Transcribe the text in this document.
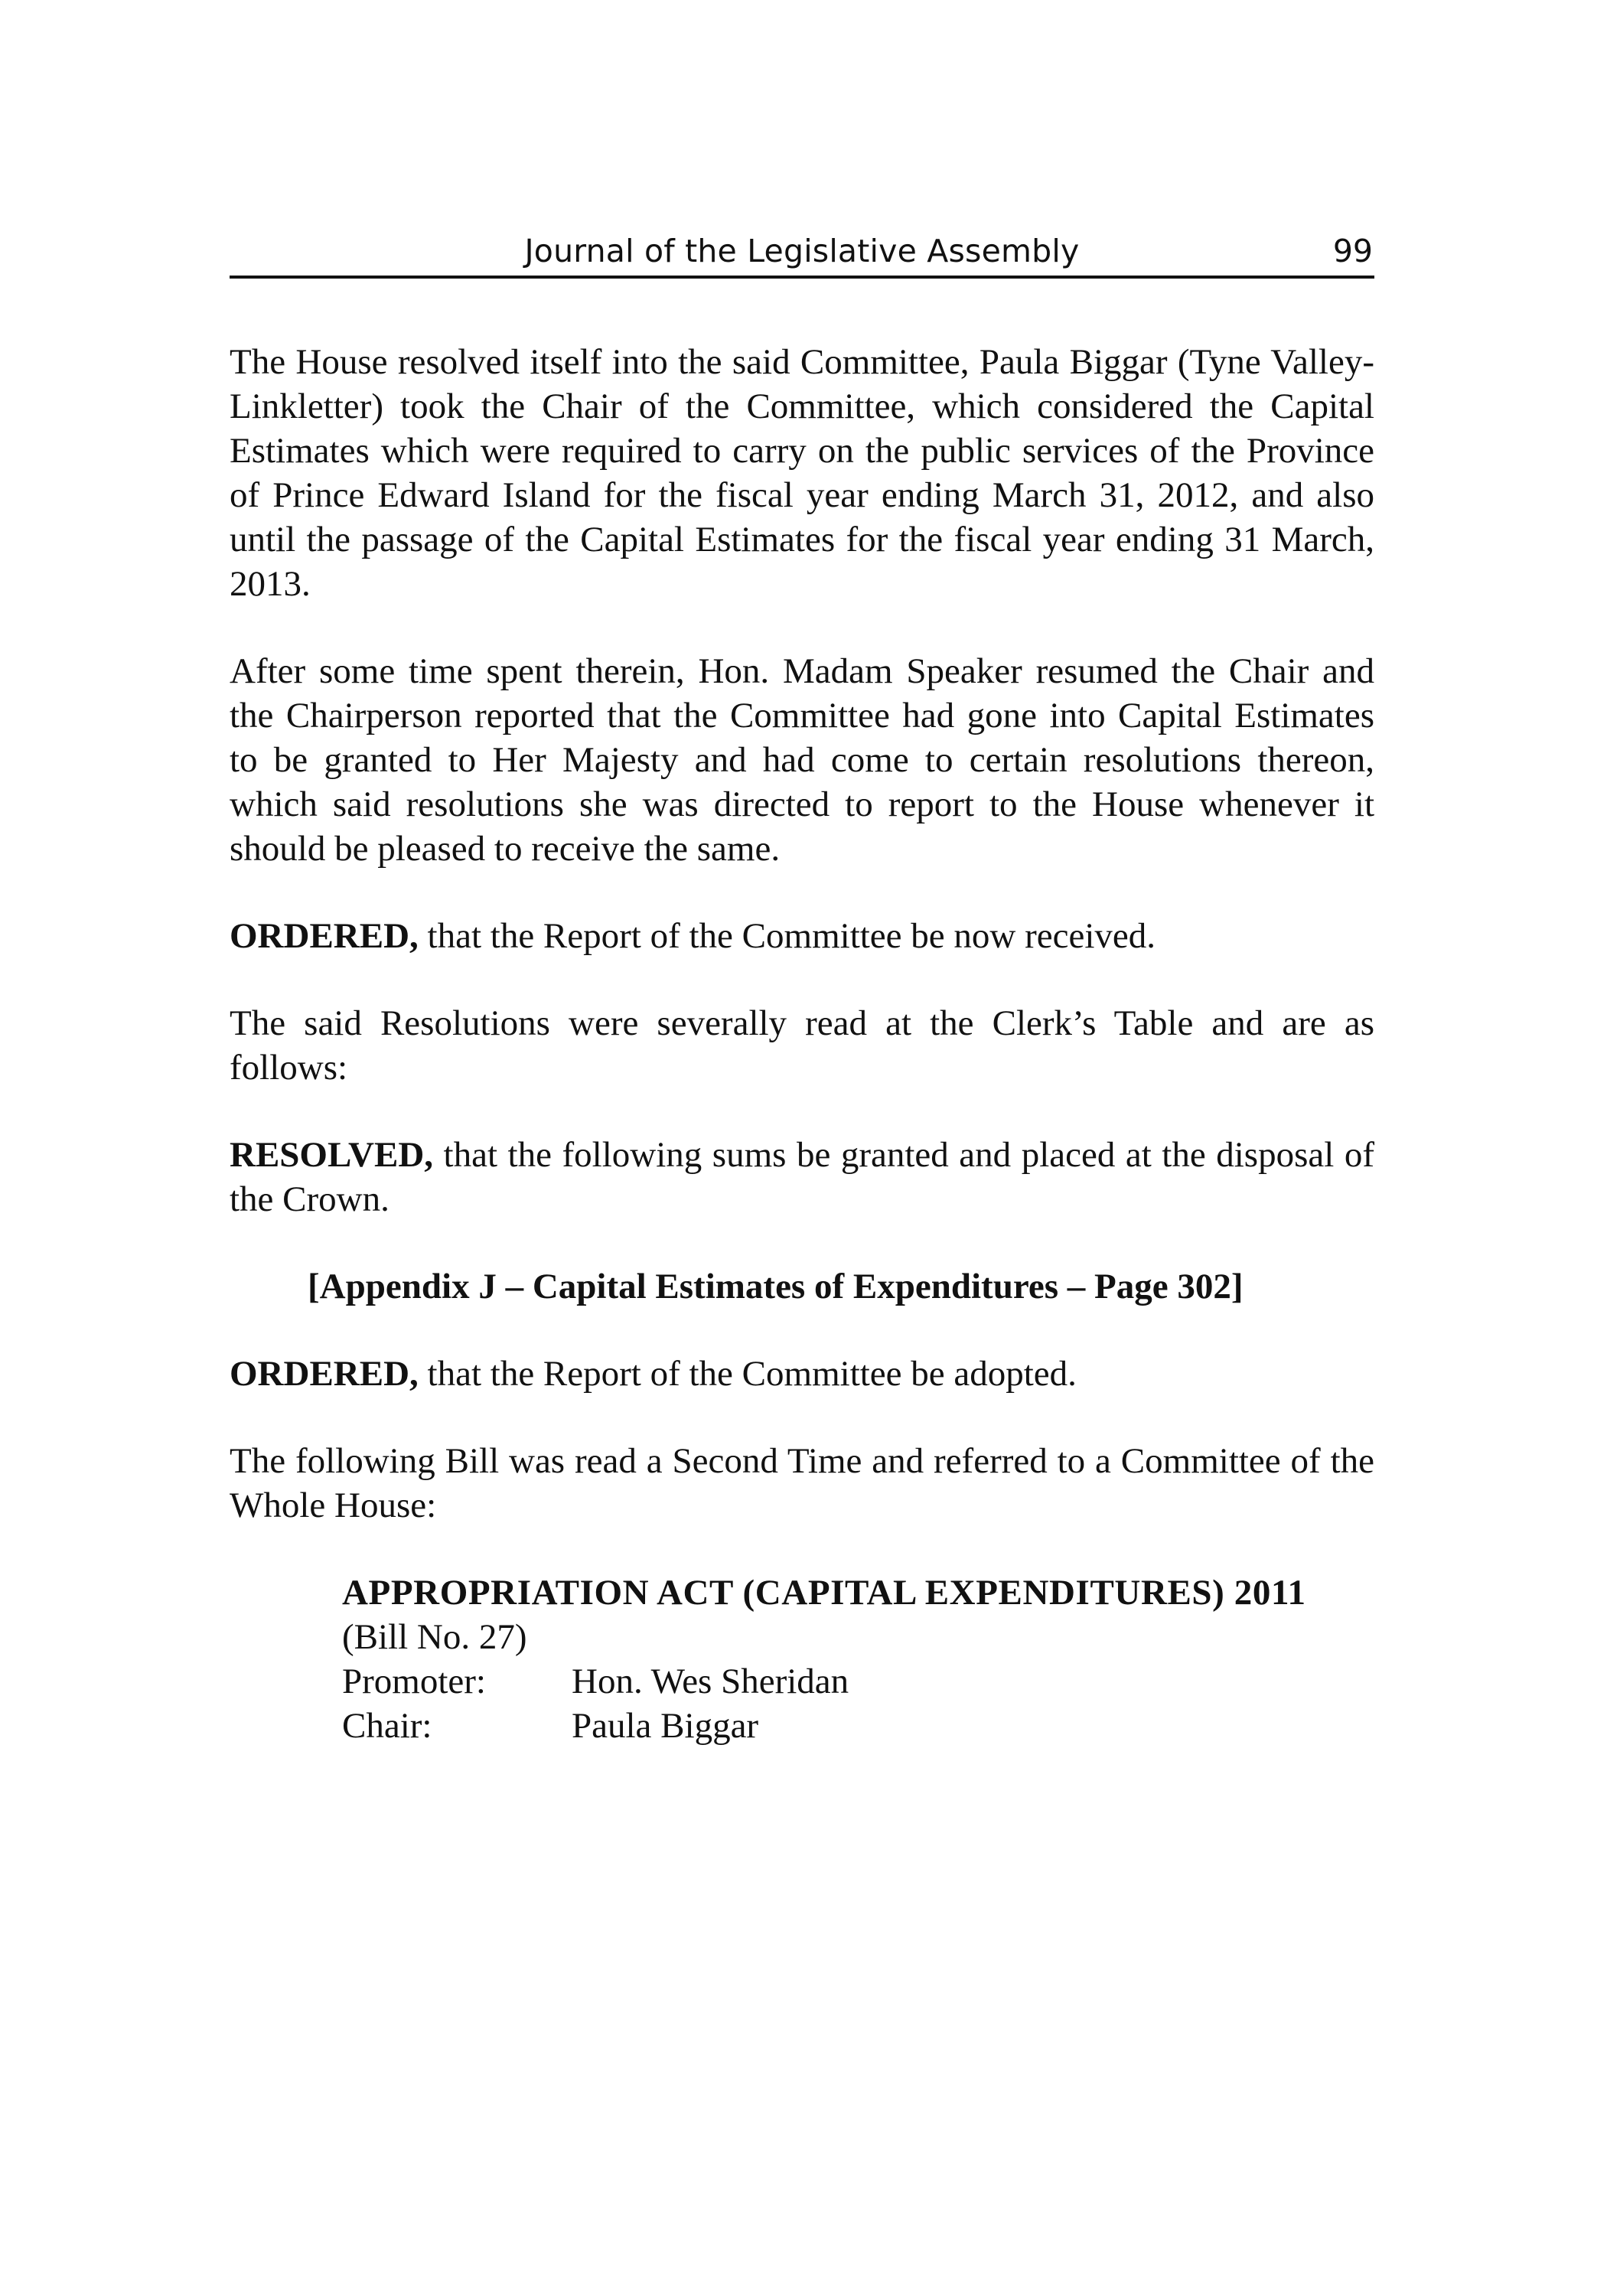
Journal of the Legislative Assembly	99

The House resolved itself into the said Committee, Paula Biggar (Tyne Valley-Linkletter) took the Chair of the Committee, which considered the Capital Estimates which were required to carry on the public services of the Province of Prince Edward Island for the fiscal year ending March 31, 2012, and also until the passage of the Capital Estimates for the fiscal year ending 31 March, 2013.

After some time spent therein, Hon. Madam Speaker resumed the Chair and the Chairperson reported that the Committee had gone into Capital Estimates to be granted to Her Majesty and had come to certain resolutions thereon, which said resolutions she was directed to report to the House whenever it should be pleased to receive the same.

ORDERED, that the Report of the Committee be now received.

The said Resolutions were severally read at the Clerk’s Table and are as follows:

RESOLVED, that the following sums be granted and placed at the disposal of the Crown.

[Appendix J – Capital Estimates of Expenditures – Page 302]

ORDERED, that the Report of the Committee be adopted.

The following Bill was read a Second Time and referred to a Committee of the Whole House:

APPROPRIATION ACT (CAPITAL EXPENDITURES) 2011
(Bill No. 27)
Promoter:	Hon. Wes Sheridan
Chair:	Paula Biggar
